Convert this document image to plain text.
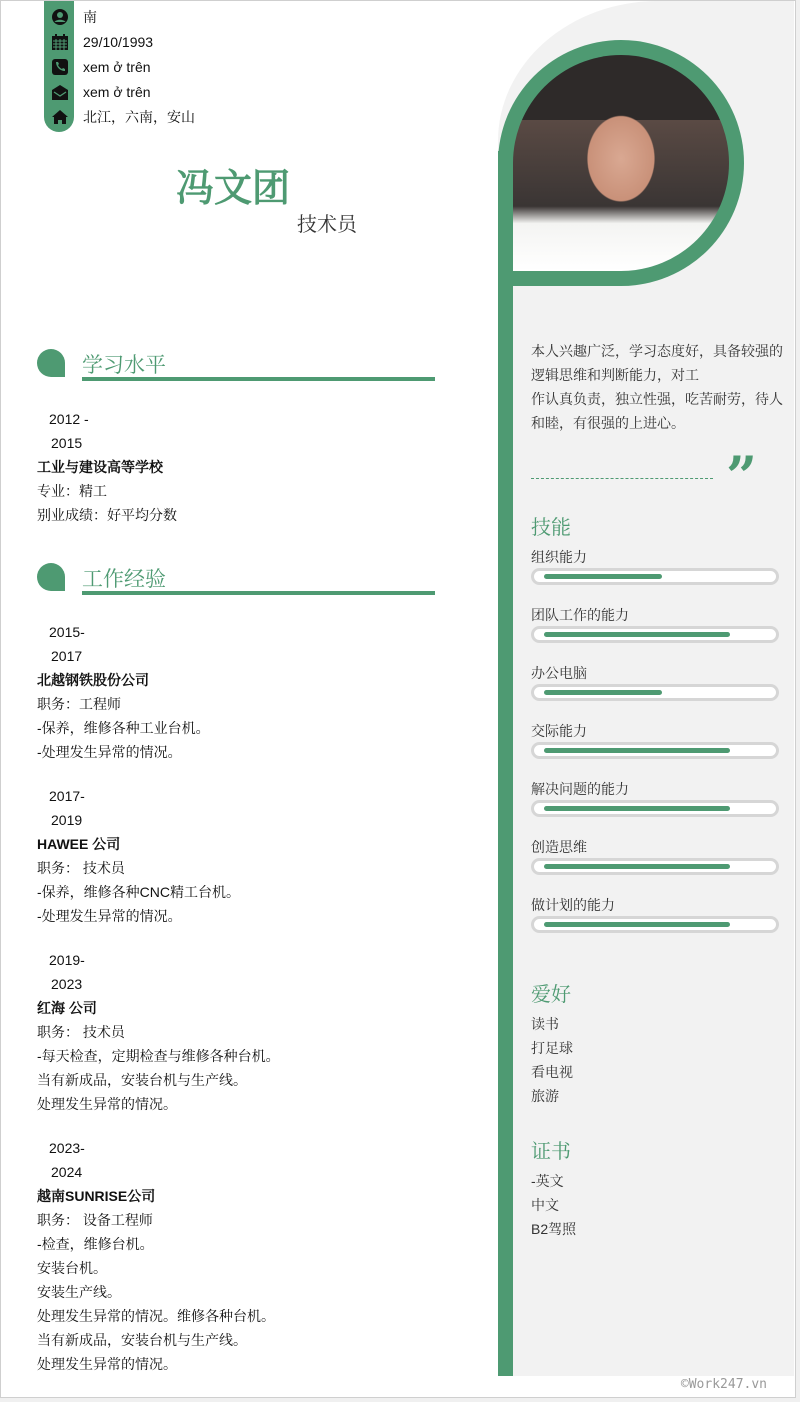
南
29/10/1993
xem ở trên
xem ở trên
北江，六南，安山
冯文团
技术员
学习水平
工作经验
2012 -
2015
工业与建设高等学校
专业：精工
别业成绩：好平均分数
2015-
2017
北越钢铁股份公司
职务：工程师
-保养，维修各种工业台机。
-处理发生异常的情况。
2017-
2019
HAWEE 公司
职务： 技术员
-保养，维修各种CNC精工台机。
-处理发生异常的情况。
2019-
2023
红海 公司
职务： 技术员
-每天检查，定期检查与维修各种台机。
当有新成品，安装台机与生产线。
处理发生异常的情况。
2023-
2024
越南SUNRISE公司
职务： 设备工程师
-检查，维修台机。
安装台机。
安装生产线。
处理发生异常的情况。维修各种台机。
当有新成品，安装台机与生产线。
处理发生异常的情况。
本人兴趣广泛，学习态度好，具备较强的逻辑思维和判断能力，对工
作认真负责，独立性强，吃苦耐劳，待人和睦，有很强的上进心。
”
技能
组织能力
团队工作的能力
办公电脑
交际能力
解决问题的能力
创造思维
做计划的能力
爱好
读书
打足球
看电视
旅游
证书
-英文
中文
B2驾照
©Work247.vn
